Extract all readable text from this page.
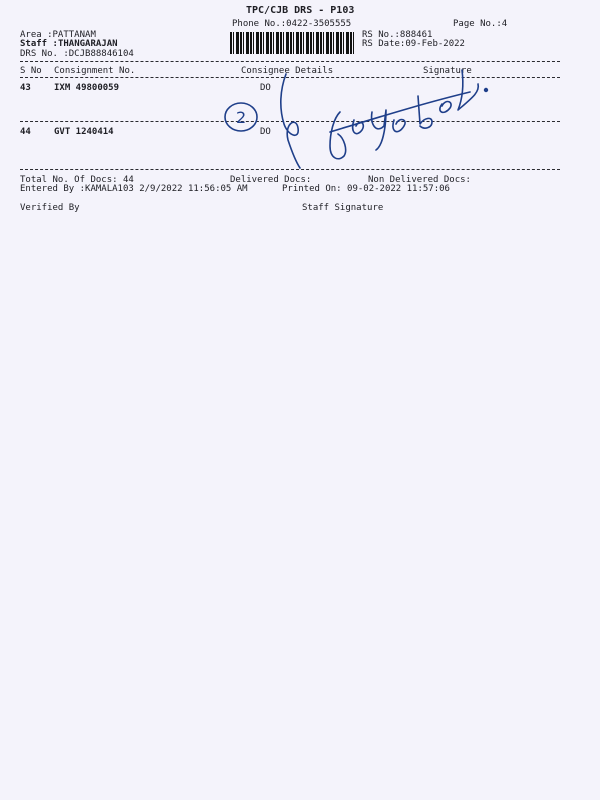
TPC/CJB DRS - P103
Phone No.:0422-3505555	Page No.:4
Area :PATTANAM
Staff :THANGARAJAN
DRS No. :DCJB88846104
RS No.:888461
RS Date:09-Feb-2022
S No Consignment No.	Consignee Details	Signature
43	IXM 49800059	DO
44	GVT 1240414	DO
Total No. Of Docs: 44	Delivered Docs:	Non Delivered Docs:
Entered By :KAMALA103 2/9/2022 11:56:05 AM	Printed On: 09-02-2022 11:57:06
Verified By	Staff Signature
2
